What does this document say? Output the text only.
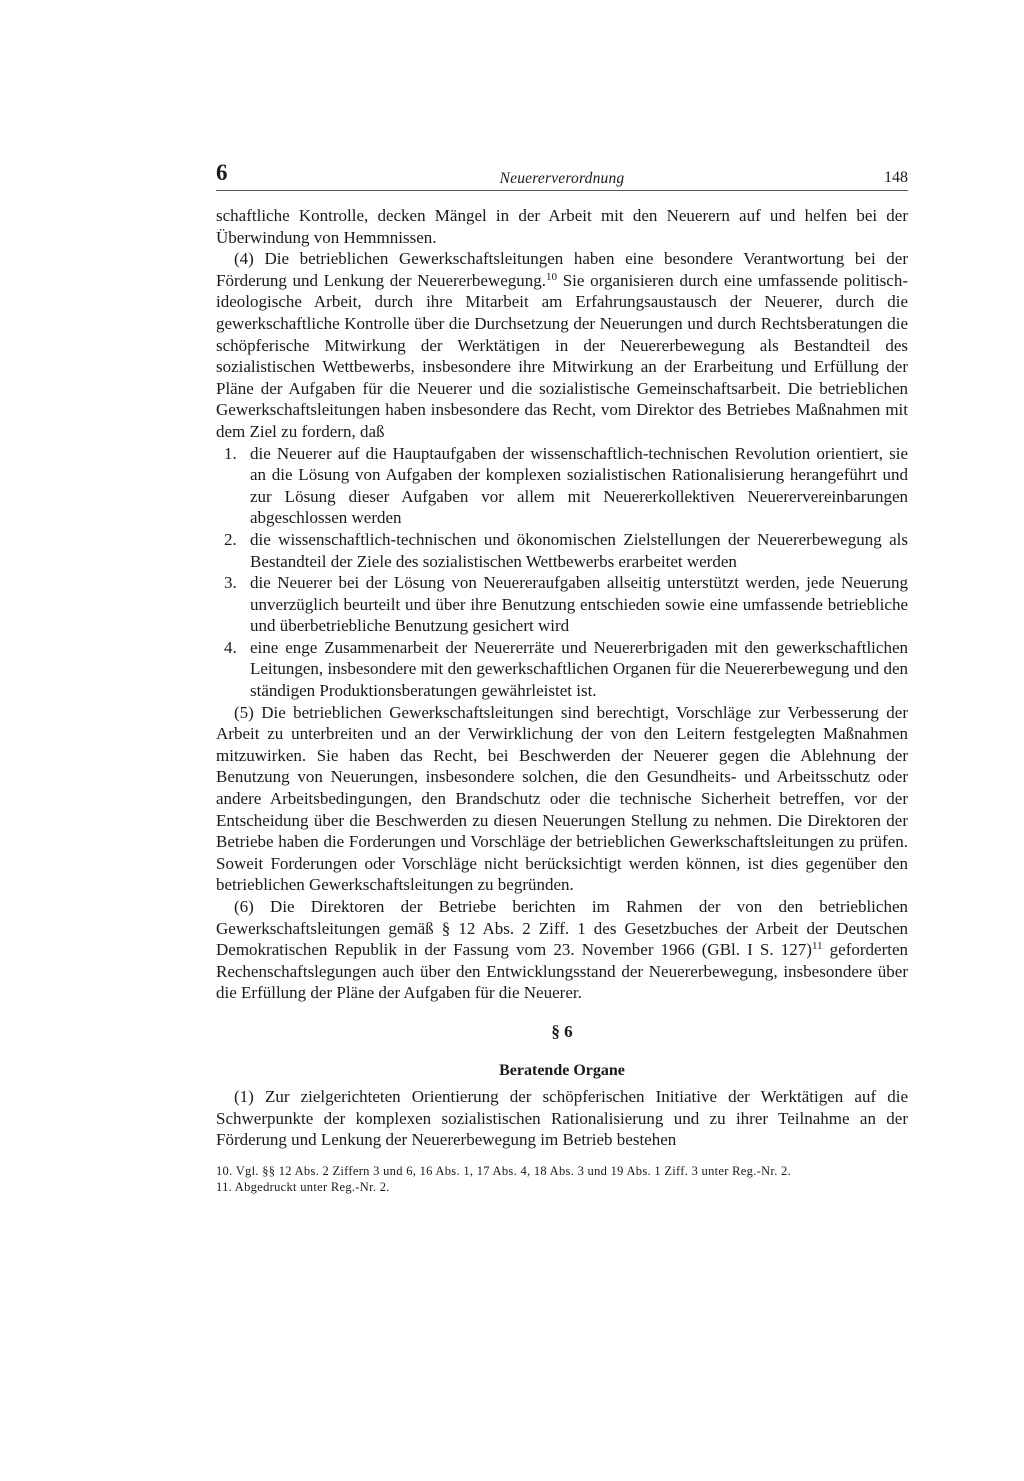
6	Neuererverordnung	148

schaftliche Kontrolle, decken Mängel in der Arbeit mit den Neuerern auf und helfen bei der Überwindung von Hemmnissen.

(4) Die betrieblichen Gewerkschaftsleitungen haben eine besondere Verantwortung bei der Förderung und Lenkung der Neuererbewegung.$^{10}$ Sie organisieren durch eine umfassende politisch-ideologische Arbeit, durch ihre Mitarbeit am Erfahrungsaustausch der Neuerer, durch die gewerkschaftliche Kontrolle über die Durchsetzung der Neuerungen und durch Rechtsberatungen die schöpferische Mitwirkung der Werktätigen in der Neuererbewegung als Bestandteil des sozialistischen Wettbewerbs, insbesondere ihre Mitwirkung an der Erarbeitung und Erfüllung der Pläne der Aufgaben für die Neuerer und die sozialistische Gemeinschaftsarbeit. Die betrieblichen Gewerkschaftsleitungen haben insbesondere das Recht, vom Direktor des Betriebes Maßnahmen mit dem Ziel zu fordern, daß

1. die Neuerer auf die Hauptaufgaben der wissenschaftlich-technischen Revolution orientiert, sie an die Lösung von Aufgaben der komplexen sozialistischen Rationalisierung herangeführt und zur Lösung dieser Aufgaben vor allem mit Neuererkollektiven Neuerervereinbarungen abgeschlossen werden
2. die wissenschaftlich-technischen und ökonomischen Zielstellungen der Neuererbewegung als Bestandteil der Ziele des sozialistischen Wettbewerbs erarbeitet werden
3. die Neuerer bei der Lösung von Neuereraufgaben allseitig unterstützt werden, jede Neuerung unverzüglich beurteilt und über ihre Benutzung entschieden sowie eine umfassende betriebliche und überbetriebliche Benutzung gesichert wird
4. eine enge Zusammenarbeit der Neuererräte und Neuererbrigaden mit den gewerkschaftlichen Leitungen, insbesondere mit den gewerkschaftlichen Organen für die Neuererbewegung und den ständigen Produktionsberatungen gewährleistet ist.

(5) Die betrieblichen Gewerkschaftsleitungen sind berechtigt, Vorschläge zur Verbesserung der Arbeit zu unterbreiten und an der Verwirklichung der von den Leitern festgelegten Maßnahmen mitzuwirken. Sie haben das Recht, bei Beschwerden der Neuerer gegen die Ablehnung der Benutzung von Neuerungen, insbesondere solchen, die den Gesundheits- und Arbeitsschutz oder andere Arbeitsbedingungen, den Brandschutz oder die technische Sicherheit betreffen, vor der Entscheidung über die Beschwerden zu diesen Neuerungen Stellung zu nehmen. Die Direktoren der Betriebe haben die Forderungen und Vorschläge der betrieblichen Gewerkschaftsleitungen zu prüfen. Soweit Forderungen oder Vorschläge nicht berücksichtigt werden können, ist dies gegenüber den betrieblichen Gewerkschaftsleitungen zu begründen.

(6) Die Direktoren der Betriebe berichten im Rahmen der von den betrieblichen Gewerkschaftsleitungen gemäß § 12 Abs. 2 Ziff. 1 des Gesetzbuches der Arbeit der Deutschen Demokratischen Republik in der Fassung vom 23. November 1966 (GBl. I S. 127)$^{11}$ geforderten Rechenschaftslegungen auch über den Entwicklungsstand der Neuererbewegung, insbesondere über die Erfüllung der Pläne der Aufgaben für die Neuerer.

§ 6
Beratende Organe

(1) Zur zielgerichteten Orientierung der schöpferischen Initiative der Werktätigen auf die Schwerpunkte der komplexen sozialistischen Rationalisierung und zu ihrer Teilnahme an der Förderung und Lenkung der Neuererbewegung im Betrieb bestehen

10. Vgl. §§ 12 Abs. 2 Ziffern 3 und 6, 16 Abs. 1, 17 Abs. 4, 18 Abs. 3 und 19 Abs. 1 Ziff. 3 unter Reg.-Nr. 2.
11. Abgedruckt unter Reg.-Nr. 2.
